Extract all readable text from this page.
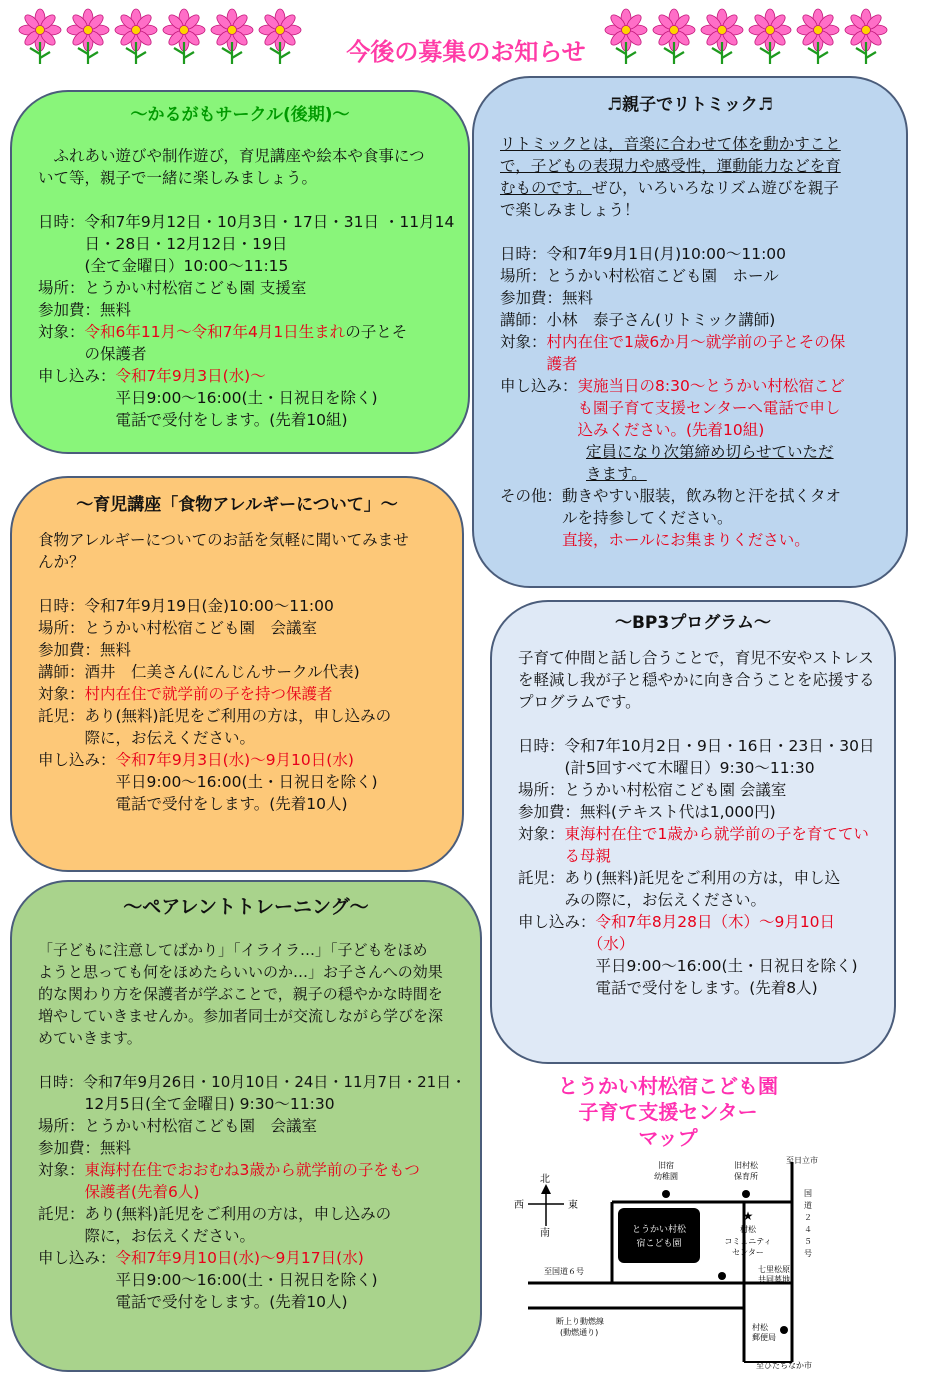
今後の募集のお知らせ
～かるがもサークル(後期)～
　ふれあい遊びや制作遊び，育児講座や絵本や食事につ
いて等，親子で一緒に楽しみましょう。
日時：令和7年9月12日・10月3日・17日・31日 ・11月14
　　　日・28日・12月12日・19日
　　　(全て金曜日）10:00～11:15
場所：とうかい村松宿こども園 支援室
参加費：無料
対象：令和6年11月～令和7年4月1日生まれの子とそ
　　　の保護者
申し込み：令和7年9月3日(水)～
　　　　　平日9:00～16:00(土・日祝日を除く)
　　　　　電話で受付をします。(先着10組)
♬親子でリトミック♬
リトミックとは，音楽に合わせて体を動かすこと
で，子どもの表現力や感受性，運動能力などを育
むものです。ぜひ，いろいろなリズム遊びを親子
で楽しみましょう！
日時：令和7年9月1日(月)10:00～11:00
場所：とうかい村松宿こども園　ホール
参加費：無料
講師：小林　泰子さん(リトミック講師)
対象：村内在住で1歳6か月～就学前の子とその保
　　　護者
申し込み：実施当日の8:30～とうかい村松宿こど
　　　　　も園子育て支援センターへ電話で申し
　　　　　込みください。(先着10組)
定員になり次第締め切らせていただ
きます。
その他：動きやすい服装，飲み物と汗を拭くタオ
　　　　ルを持参してください。
　　　　直接，ホールにお集まりください。
～育児講座「食物アレルギーについて」～
食物アレルギーについてのお話を気軽に聞いてみませ
んか？
日時：令和7年9月19日(金)10:00～11:00
場所：とうかい村松宿こども園　会議室
参加費：無料
講師：酒井　仁美さん(にんじんサークル代表)
対象：村内在住で就学前の子を持つ保護者
託児：あり(無料)託児をご利用の方は，申し込みの
　　　際に，お伝えください。
申し込み：令和7年9月3日(水)～9月10日(水)
　　　　　平日9:00～16:00(土・日祝日を除く)
　　　　　電話で受付をします。(先着10人)
～BP3プログラム～
子育て仲間と話し合うことで，育児不安やストレス
を軽減し我が子と穏やかに向き合うことを応援する
プログラムです。
日時：令和7年10月2日・9日・16日・23日・30日
　　　(計5回すべて木曜日）9:30～11:30
場所：とうかい村松宿こども園 会議室
参加費：無料(テキスト代は1,000円)
対象：東海村在住で1歳から就学前の子を育ててい
　　　る母親
託児：あり(無料)託児をご利用の方は，申し込
　　　みの際に，お伝えください。
申し込み：令和7年8月28日（木）～9月10日
　　　　　（水）
　　　　　平日9:00～16:00(土・日祝日を除く)
　　　　　電話で受付をします。(先着8人)
～ペアレントトレーニング～
「子どもに注意してばかり」「イライラ…」「子どもをほめ
ようと思っても何をほめたらいいのか…」お子さんへの効果
的な関わり方を保護者が学ぶことで，親子の穏やかな時間を
増やしていきませんか。参加者同士が交流しながら学びを深
めていきます。
日時：令和7年9月26日・10月10日・24日・11月7日・21日・
　　　12月5日(全て金曜日) 9:30～11:30
場所：とうかい村松宿こども園　会議室
参加費：無料
対象：東海村在住でおおむね3歳から就学前の子をもつ
　　　保護者(先着6人)
託児：あり(無料)託児をご利用の方は，申し込みの
　　　際に，お伝えください。
申し込み：令和7年9月10日(水)～9月17日(水)
　　　　　平日9:00～16:00(土・日祝日を除く)
　　　　　電話で受付をします。(先着10人)
とうかい村松宿こども園
子育て支援センター
マップ
北
西	東
南	とうかい村松
宿こども園
旧宿
幼稚園
旧村松
保育所
至日立市
国
道
２
４
５
号
★
村松
コミュニティ
センター
至国道６号	七里松原
共同墓地
断上り動燃線
(動燃通り)
村松
郵便局
至ひたちなか市
